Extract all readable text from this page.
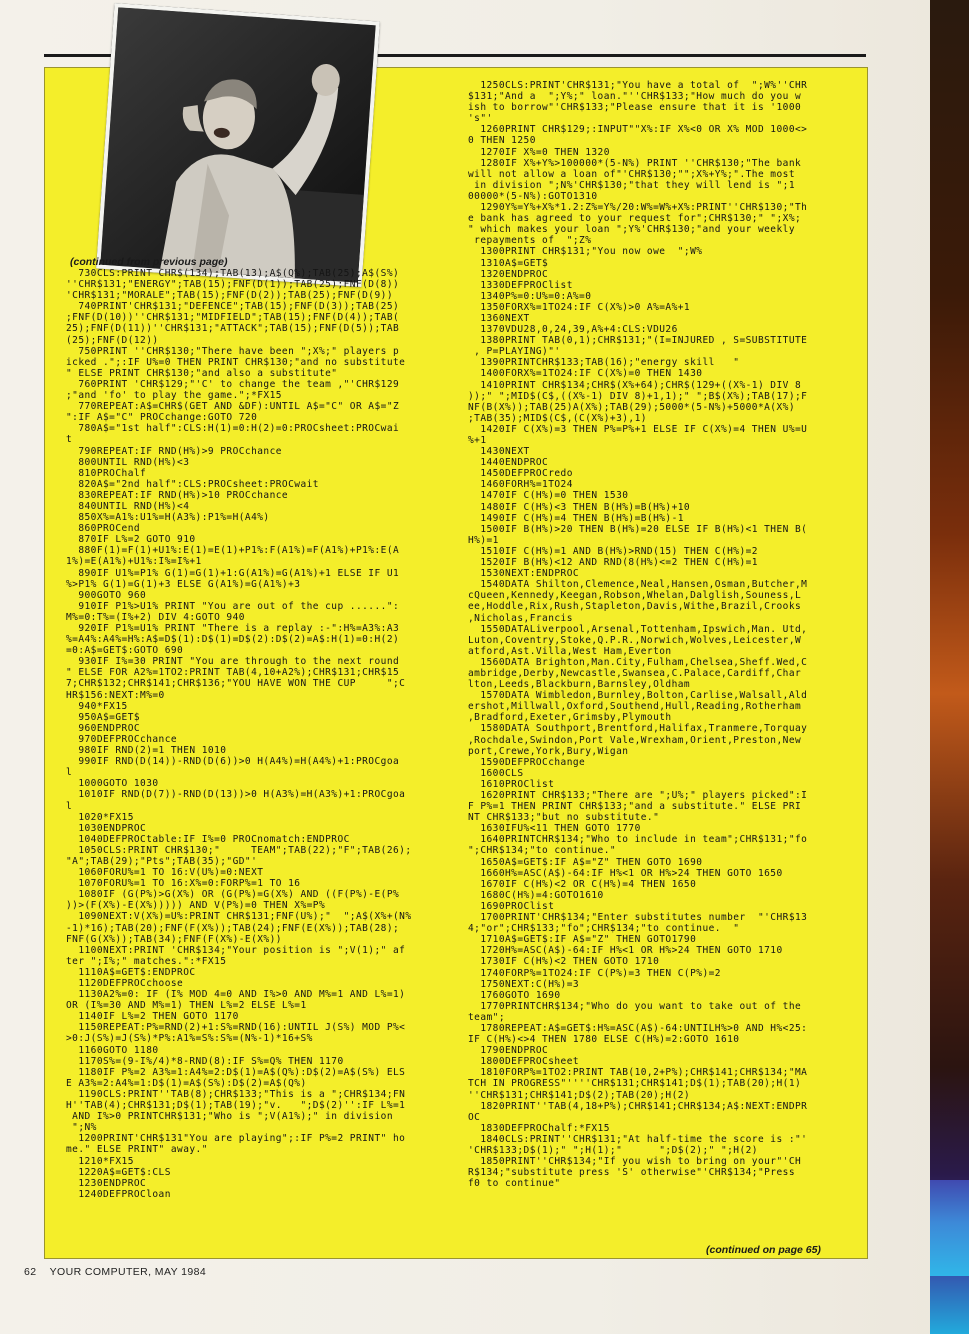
(continued from previous page)
730CLS:PRINT CHR$(134);TAB(13);A$(Q%);TAB(25);A$(S%)
''CHR$131;"ENERGY";TAB(15);FNF(D(1));TAB(25);FNF(D(8))
'CHR$131;"MORALE";TAB(15);FNF(D(2));TAB(25);FNF(D(9))
740PRINT'CHR$131;"DEFENCE";TAB(15);FNF(D(3));TAB(25)
;FNF(D(10))''CHR$131;"MIDFIELD";TAB(15);FNF(D(4));TAB(
25);FNF(D(11))''CHR$131;"ATTACK";TAB(15);FNF(D(5));TAB
(25);FNF(D(12))
750PRINT ''CHR$130;"There have been ";X%;" players p
icked .";:IF U%=0 THEN PRINT CHR$130;"and no substitute
" ELSE PRINT CHR$130;"and also a substitute"
760PRINT 'CHR$129;"'C' to change the team ,"'CHR$129
;"and 'fo' to play the game.";*FX15
770REPEAT:A$=CHR$(GET AND &DF):UNTIL A$="C" OR A$="Z
":IF A$="C" PROCchange:GOTO 720
780A$="1st half":CLS:H(1)=0:H(2)=0:PROCsheet:PROCwai
t
790REPEAT:IF RND(H%)>9 PROCchance
800UNTIL RND(H%)<3
810PROChalf
820A$="2nd half":CLS:PROCsheet:PROCwait
830REPEAT:IF RND(H%)>10 PROCchance
840UNTIL RND(H%)<4
850X%=A1%:U1%=H(A3%):P1%=H(A4%)
860PROCend
870IF L%=2 GOTO 910
880F(1)=F(1)+U1%:E(1)=E(1)+P1%:F(A1%)=F(A1%)+P1%:E(A
1%)=E(A1%)+U1%:I%=I%+1
890IF U1%=P1% G(1)=G(1)+1:G(A1%)=G(A1%)+1 ELSE IF U1
%>P1% G(1)=G(1)+3 ELSE G(A1%)=G(A1%)+3
900GOTO 960
910IF P1%>U1% PRINT "You are out of the cup ......":
M%=0:T%=(I%+2) DIV 4:GOTO 940
920IF P1%=U1% PRINT "There is a replay :-":H%=A3%:A3
%=A4%:A4%=H%:A$=D$(1):D$(1)=D$(2):D$(2)=A$:H(1)=0:H(2)
=0:A$=GET$:GOTO 690
930IF I%=30 PRINT "You are through to the next round
" ELSE FOR A2%=1TO2:PRINT TAB(4,10+A2%);CHR$131;CHR$15
7;CHR$132;CHR$141;CHR$136;"YOU HAVE WON THE CUP     ";C
HR$156:NEXT:M%=0
940*FX15
950A$=GET$
960ENDPROC
970DEFPROCchance
980IF RND(2)=1 THEN 1010
990IF RND(D(14))-RND(D(6))>0 H(A4%)=H(A4%)+1:PROCgoa
l
1000GOTO 1030
1010IF RND(D(7))-RND(D(13))>0 H(A3%)=H(A3%)+1:PROCgoa
l
1020*FX15
1030ENDPROC
1040DEFPROCtable:IF I%=0 PROCnomatch:ENDPROC
1050CLS:PRINT CHR$130;"     TEAM";TAB(22);"F";TAB(26);
"A";TAB(29);"Pts";TAB(35);"GD"'
1060FORU%=1 TO 16:V(U%)=0:NEXT
1070FORU%=1 TO 16:X%=0:FORP%=1 TO 16
1080IF (G(P%)>G(X%) OR (G(P%)=G(X%) AND ((F(P%)-E(P%
))>(F(X%)-E(X%))))) AND V(P%)=0 THEN X%=P%
1090NEXT:V(X%)=U%:PRINT CHR$131;FNF(U%);"  ";A$(X%+(N%
-1)*16);TAB(20);FNF(F(X%));TAB(24);FNF(E(X%));TAB(28);
FNF(G(X%));TAB(34);FNF(F(X%)-E(X%))
1100NEXT:PRINT 'CHR$134;"Your position is ";V(1);" af
ter ";I%;" matches.":*FX15
1110A$=GET$:ENDPROC
1120DEFPROCchoose
1130A2%=0: IF (I% MOD 4=0 AND I%>0 AND M%=1 AND L%=1)
OR (I%=30 AND M%=1) THEN L%=2 ELSE L%=1
1140IF L%=2 THEN GOTO 1170
1150REPEAT:P%=RND(2)+1:S%=RND(16):UNTIL J(S%) MOD P%<
>0:J(S%)=J(S%)*P%:A1%=S%:S%=(N%-1)*16+S%
1160GOTO 1180
1170S%=(9-I%/4)*8-RND(8):IF S%=Q% THEN 1170
1180IF P%=2 A3%=1:A4%=2:D$(1)=A$(Q%):D$(2)=A$(S%) ELS
E A3%=2:A4%=1:D$(1)=A$(S%):D$(2)=A$(Q%)
1190CLS:PRINT''TAB(8);CHR$133;"This is a ";CHR$134;FN
H''TAB(4);CHR$131;D$(1);TAB(19);"v.   ";D$(2)'':IF L%=1
AND I%>0 PRINTCHR$131;"Who is ";V(A1%);" in division
";N%
1200PRINT'CHR$131"You are playing";:IF P%=2 PRINT" ho
me." ELSE PRINT" away."
1210*FX15
1220A$=GET$:CLS
1230ENDPROC
1240DEFPROCloan
1250CLS:PRINT'CHR$131;"You have a total of  ";W%''CHR
$131;"And a  ";Y%;" loan."''CHR$133;"How much do you w
ish to borrow"'CHR$133;"Please ensure that it is '1000
's"'
1260PRINT CHR$129;:INPUT""X%:IF X%<0 OR X% MOD 1000<>
0 THEN 1250
1270IF X%=0 THEN 1320
1280IF X%+Y%>100000*(5-N%) PRINT ''CHR$130;"The bank
will not allow a loan of"'CHR$130;"";X%+Y%;".The most
in division ";N%'CHR$130;"that they will lend is ";1
00000*(5-N%):GOTO1310
1290Y%=Y%+X%*1.2:Z%=Y%/20:W%=W%+X%:PRINT''CHR$130;"Th
e bank has agreed to your request for";CHR$130;" ";X%;
" which makes your loan ";Y%'CHR$130;"and your weekly
repayments of  ";Z%
1300PRINT CHR$131;"You now owe  ";W%
1310A$=GET$
1320ENDPROC
1330DEFPROClist
1340P%=0:U%=0:A%=0
1350FORX%=1TO24:IF C(X%)>0 A%=A%+1
1360NEXT
1370VDU28,0,24,39,A%+4:CLS:VDU26
1380PRINT TAB(0,1);CHR$131;"(I=INJURED , S=SUBSTITUTE
, P=PLAYING)"'
1390PRINTCHR$133;TAB(16);"energy skill   "
1400FORX%=1TO24:IF C(X%)=0 THEN 1430
1410PRINT CHR$134;CHR$(X%+64);CHR$(129+((X%-1) DIV 8
));" ";MID$(C$,((X%-1) DIV 8)+1,1);" ";B$(X%);TAB(17);F
NF(B(X%));TAB(25)A(X%);TAB(29);5000*(5-N%)+5000*A(X%)
;TAB(35);MID$(C$,(C(X%)+3),1)
1420IF C(X%)=3 THEN P%=P%+1 ELSE IF C(X%)=4 THEN U%=U
%+1
1430NEXT
1440ENDPROC
1450DEFPROCredo
1460FORH%=1TO24
1470IF C(H%)=0 THEN 1530
1480IF C(H%)<3 THEN B(H%)=B(H%)+10
1490IF C(H%)=4 THEN B(H%)=B(H%)-1
1500IF B(H%)>20 THEN B(H%)=20 ELSE IF B(H%)<1 THEN B(
H%)=1
1510IF C(H%)=1 AND B(H%)>RND(15) THEN C(H%)=2
1520IF B(H%)<12 AND RND(8(H%)<=2 THEN C(H%)=1
1530NEXT:ENDPROC
1540DATA Shilton,Clemence,Neal,Hansen,Osman,Butcher,M
cQueen,Kennedy,Keegan,Robson,Whelan,Dalglish,Souness,L
ee,Hoddle,Rix,Rush,Stapleton,Davis,Withe,Brazil,Crooks
,Nicholas,Francis
1550DATALiverpool,Arsenal,Tottenham,Ipswich,Man. Utd,
Luton,Coventry,Stoke,Q.P.R.,Norwich,Wolves,Leicester,W
atford,Ast.Villa,West Ham,Everton
1560DATA Brighton,Man.City,Fulham,Chelsea,Sheff.Wed,C
ambridge,Derby,Newcastle,Swansea,C.Palace,Cardiff,Char
lton,Leeds,Blackburn,Barnsley,Oldham
1570DATA Wimbledon,Burnley,Bolton,Carlise,Walsall,Ald
ershot,Millwall,Oxford,Southend,Hull,Reading,Rotherham
,Bradford,Exeter,Grimsby,Plymouth
1580DATA Southport,Brentford,Halifax,Tranmere,Torquay
,Rochdale,Swindon,Port Vale,Wrexham,Orient,Preston,New
port,Crewe,York,Bury,Wigan
1590DEFPROCchange
1600CLS
1610PROClist
1620PRINT CHR$133;"There are ";U%;" players picked":I
F P%=1 THEN PRINT CHR$133;"and a substitute." ELSE PRI
NT CHR$133;"but no substitute."
1630IFU%<11 THEN GOTO 1770
1640PRINTCHR$134;"Who to include in team";CHR$131;"fo
";CHR$134;"to continue."
1650A$=GET$:IF A$="Z" THEN GOTO 1690
1660H%=ASC(A$)-64:IF H%<1 OR H%>24 THEN GOTO 1650
1670IF C(H%)<2 OR C(H%)=4 THEN 1650
1680C(H%)=4:GOTO1610
1690PROClist
1700PRINT'CHR$134;"Enter substitutes number  "'CHR$13
4;"or";CHR$133;"fo";CHR$134;"to continue.  "
1710A$=GET$:IF A$="Z" THEN GOTO1790
1720H%=ASC(A$)-64:IF H%<1 OR H%>24 THEN GOTO 1710
1730IF C(H%)<2 THEN GOTO 1710
1740FORP%=1TO24:IF C(P%)=3 THEN C(P%)=2
1750NEXT:C(H%)=3
1760GOTO 1690
1770PRINTCHR$134;"Who do you want to take out of the
team";
1780REPEAT:A$=GET$:H%=ASC(A$)-64:UNTILH%>0 AND H%<25:
IF C(H%)<>4 THEN 1780 ELSE C(H%)=2:GOTO 1610
1790ENDPROC
1800DEFPROCsheet
1810FORP%=1TO2:PRINT TAB(10,2+P%);CHR$141;CHR$134;"MA
TCH IN PROGRESS"''''CHR$131;CHR$141;D$(1);TAB(20);H(1)
''CHR$131;CHR$141;D$(2);TAB(20);H(2)
1820PRINT''TAB(4,18+P%);CHR$141;CHR$134;A$:NEXT:ENDPR
OC
1830DEFPROChalf:*FX15
1840CLS:PRINT''CHR$131;"At half-time the score is :"'
'CHR$133;D$(1);" ";H(1);"      ";D$(2);" ";H(2)
1850PRINT''CHR$134;"If you wish to bring on your"'CH
R$134;"substitute press 'S' otherwise"'CHR$134;"Press
f0 to continue"
(continued on page 65)
62 YOUR COMPUTER, MAY 1984
